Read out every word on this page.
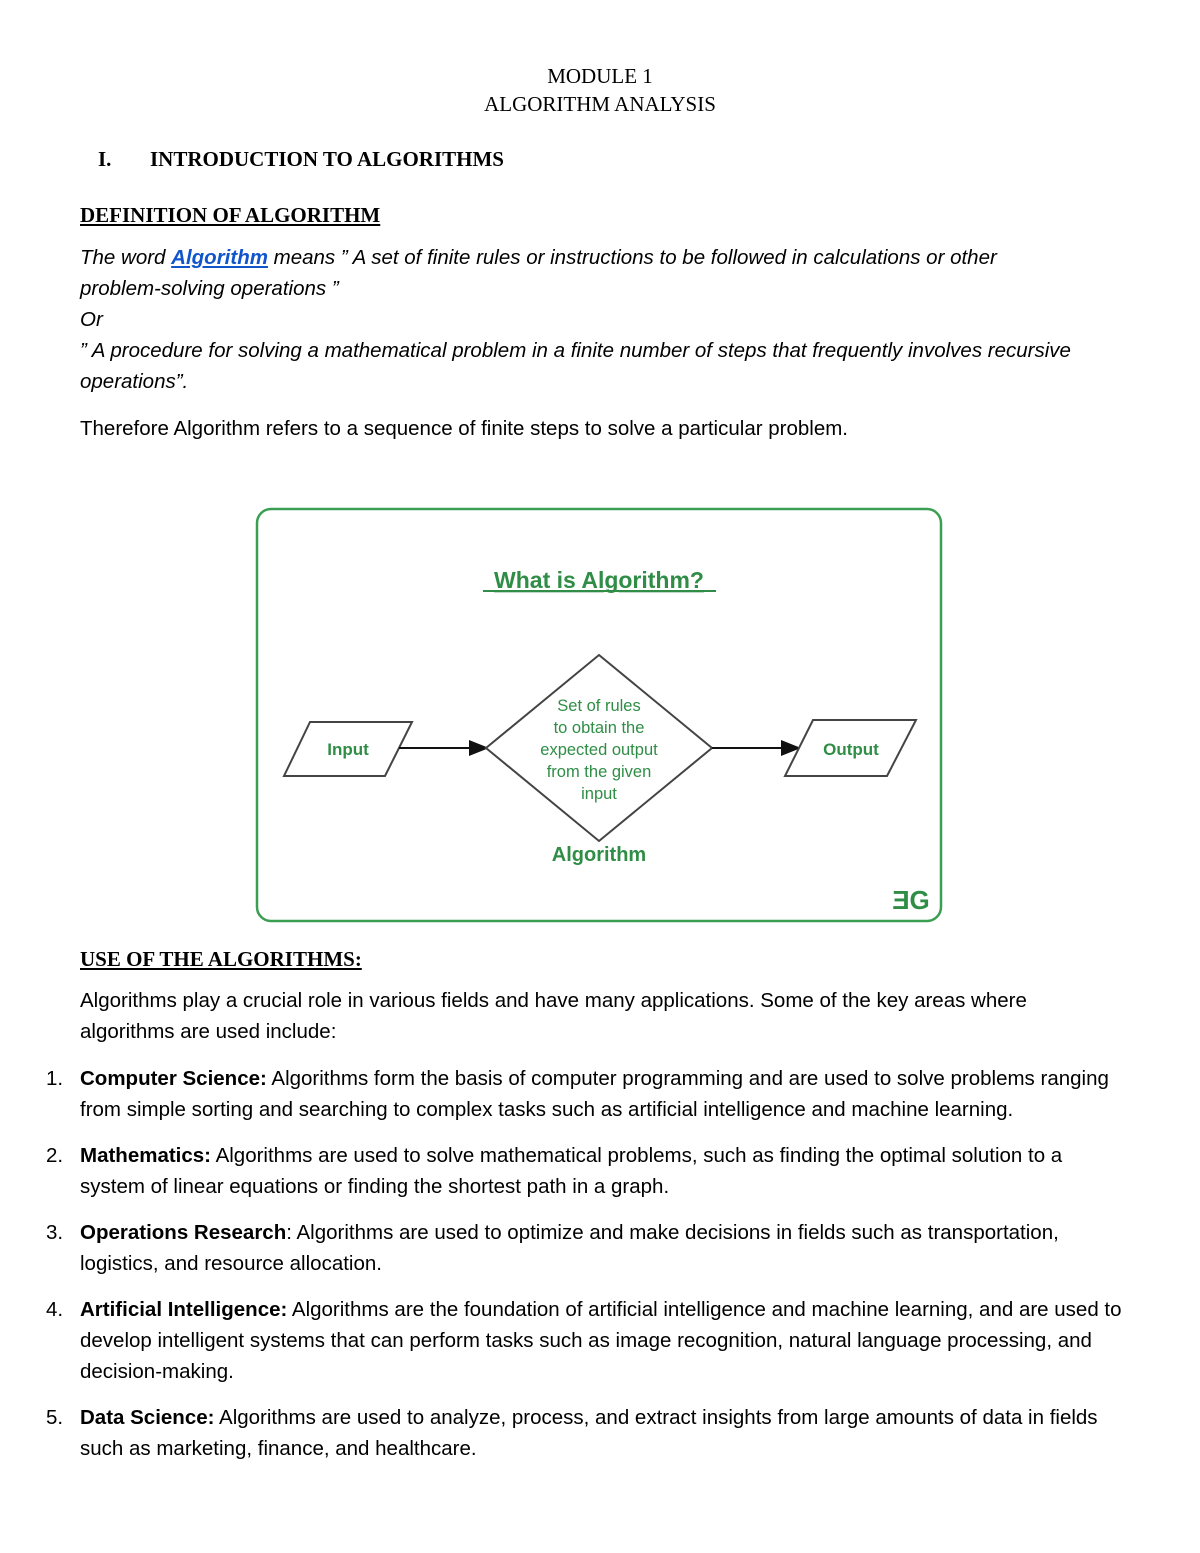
MODULE 1
ALGORITHM ANALYSIS
I. INTRODUCTION TO ALGORITHMS
DEFINITION OF ALGORITHM
The word Algorithm means ” A set of finite rules or instructions to be followed in calculations or other problem-solving operations ”
Or
” A procedure for solving a mathematical problem in a finite number of steps that frequently involves recursive operations”.
Therefore Algorithm refers to a sequence of finite steps to solve a particular problem.
What is Algorithm?
Input
Set of rules
to obtain the
expected output
from the given
input
Output
Algorithm
ƎG
USE OF THE ALGORITHMS:
Algorithms play a crucial role in various fields and have many applications. Some of the key areas where algorithms are used include:
1. Computer Science: Algorithms form the basis of computer programming and are used to solve problems ranging from simple sorting and searching to complex tasks such as artificial intelligence and machine learning.
2. Mathematics: Algorithms are used to solve mathematical problems, such as finding the optimal solution to a system of linear equations or finding the shortest path in a graph.
3. Operations Research: Algorithms are used to optimize and make decisions in fields such as transportation, logistics, and resource allocation.
4. Artificial Intelligence: Algorithms are the foundation of artificial intelligence and machine learning, and are used to develop intelligent systems that can perform tasks such as image recognition, natural language processing, and decision-making.
5. Data Science: Algorithms are used to analyze, process, and extract insights from large amounts of data in fields such as marketing, finance, and healthcare.
